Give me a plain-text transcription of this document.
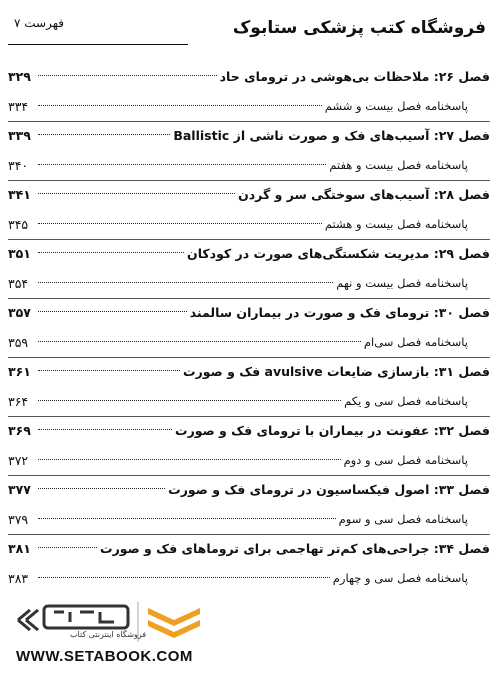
فروشگاه کتب پزشکی ستابوک
فهرست ۷
فصل ۲۶: ملاحظات بی‌هوشی در ترومای حاد
۳۲۹
پاسخنامه فصل بیست و ششم
۳۳۴
فصل ۲۷: آسیب‌های فک و صورت ناشی از Ballistic
۳۳۹
پاسخنامه فصل بیست و هفتم
۳۴۰
فصل ۲۸: آسیب‌های سوختگی سر و گردن
۳۴۱
پاسخنامه فصل بیست و هشتم
۳۴۵
فصل ۲۹: مدیریت شکستگی‌های صورت در کودکان
۳۵۱
پاسخنامه فصل بیست و نهم
۳۵۴
فصل ۳۰: ترومای فک و صورت در بیماران سالمند
۳۵۷
پاسخنامه فصل سی‌ام
۳۵۹
فصل ۳۱: بازسازی ضایعات avulsive فک و صورت
۳۶۱
پاسخنامه فصل سی و یکم
۳۶۴
فصل ۳۲: عفونت در بیماران با ترومای فک و صورت
۳۶۹
پاسخنامه فصل سی و دوم
۳۷۲
فصل ۳۳: اصول فیکساسیون در ترومای فک و صورت
۳۷۷
پاسخنامه فصل سی و سوم
۳۷۹
فصل ۳۴: جراحی‌های کم‌تر تهاجمی برای تروماهای فک و صورت
۳۸۱
پاسخنامه فصل سی و چهارم
۳۸۳
فروشگاه اینترنتی کتاب
WWW.SETABOOK.COM
